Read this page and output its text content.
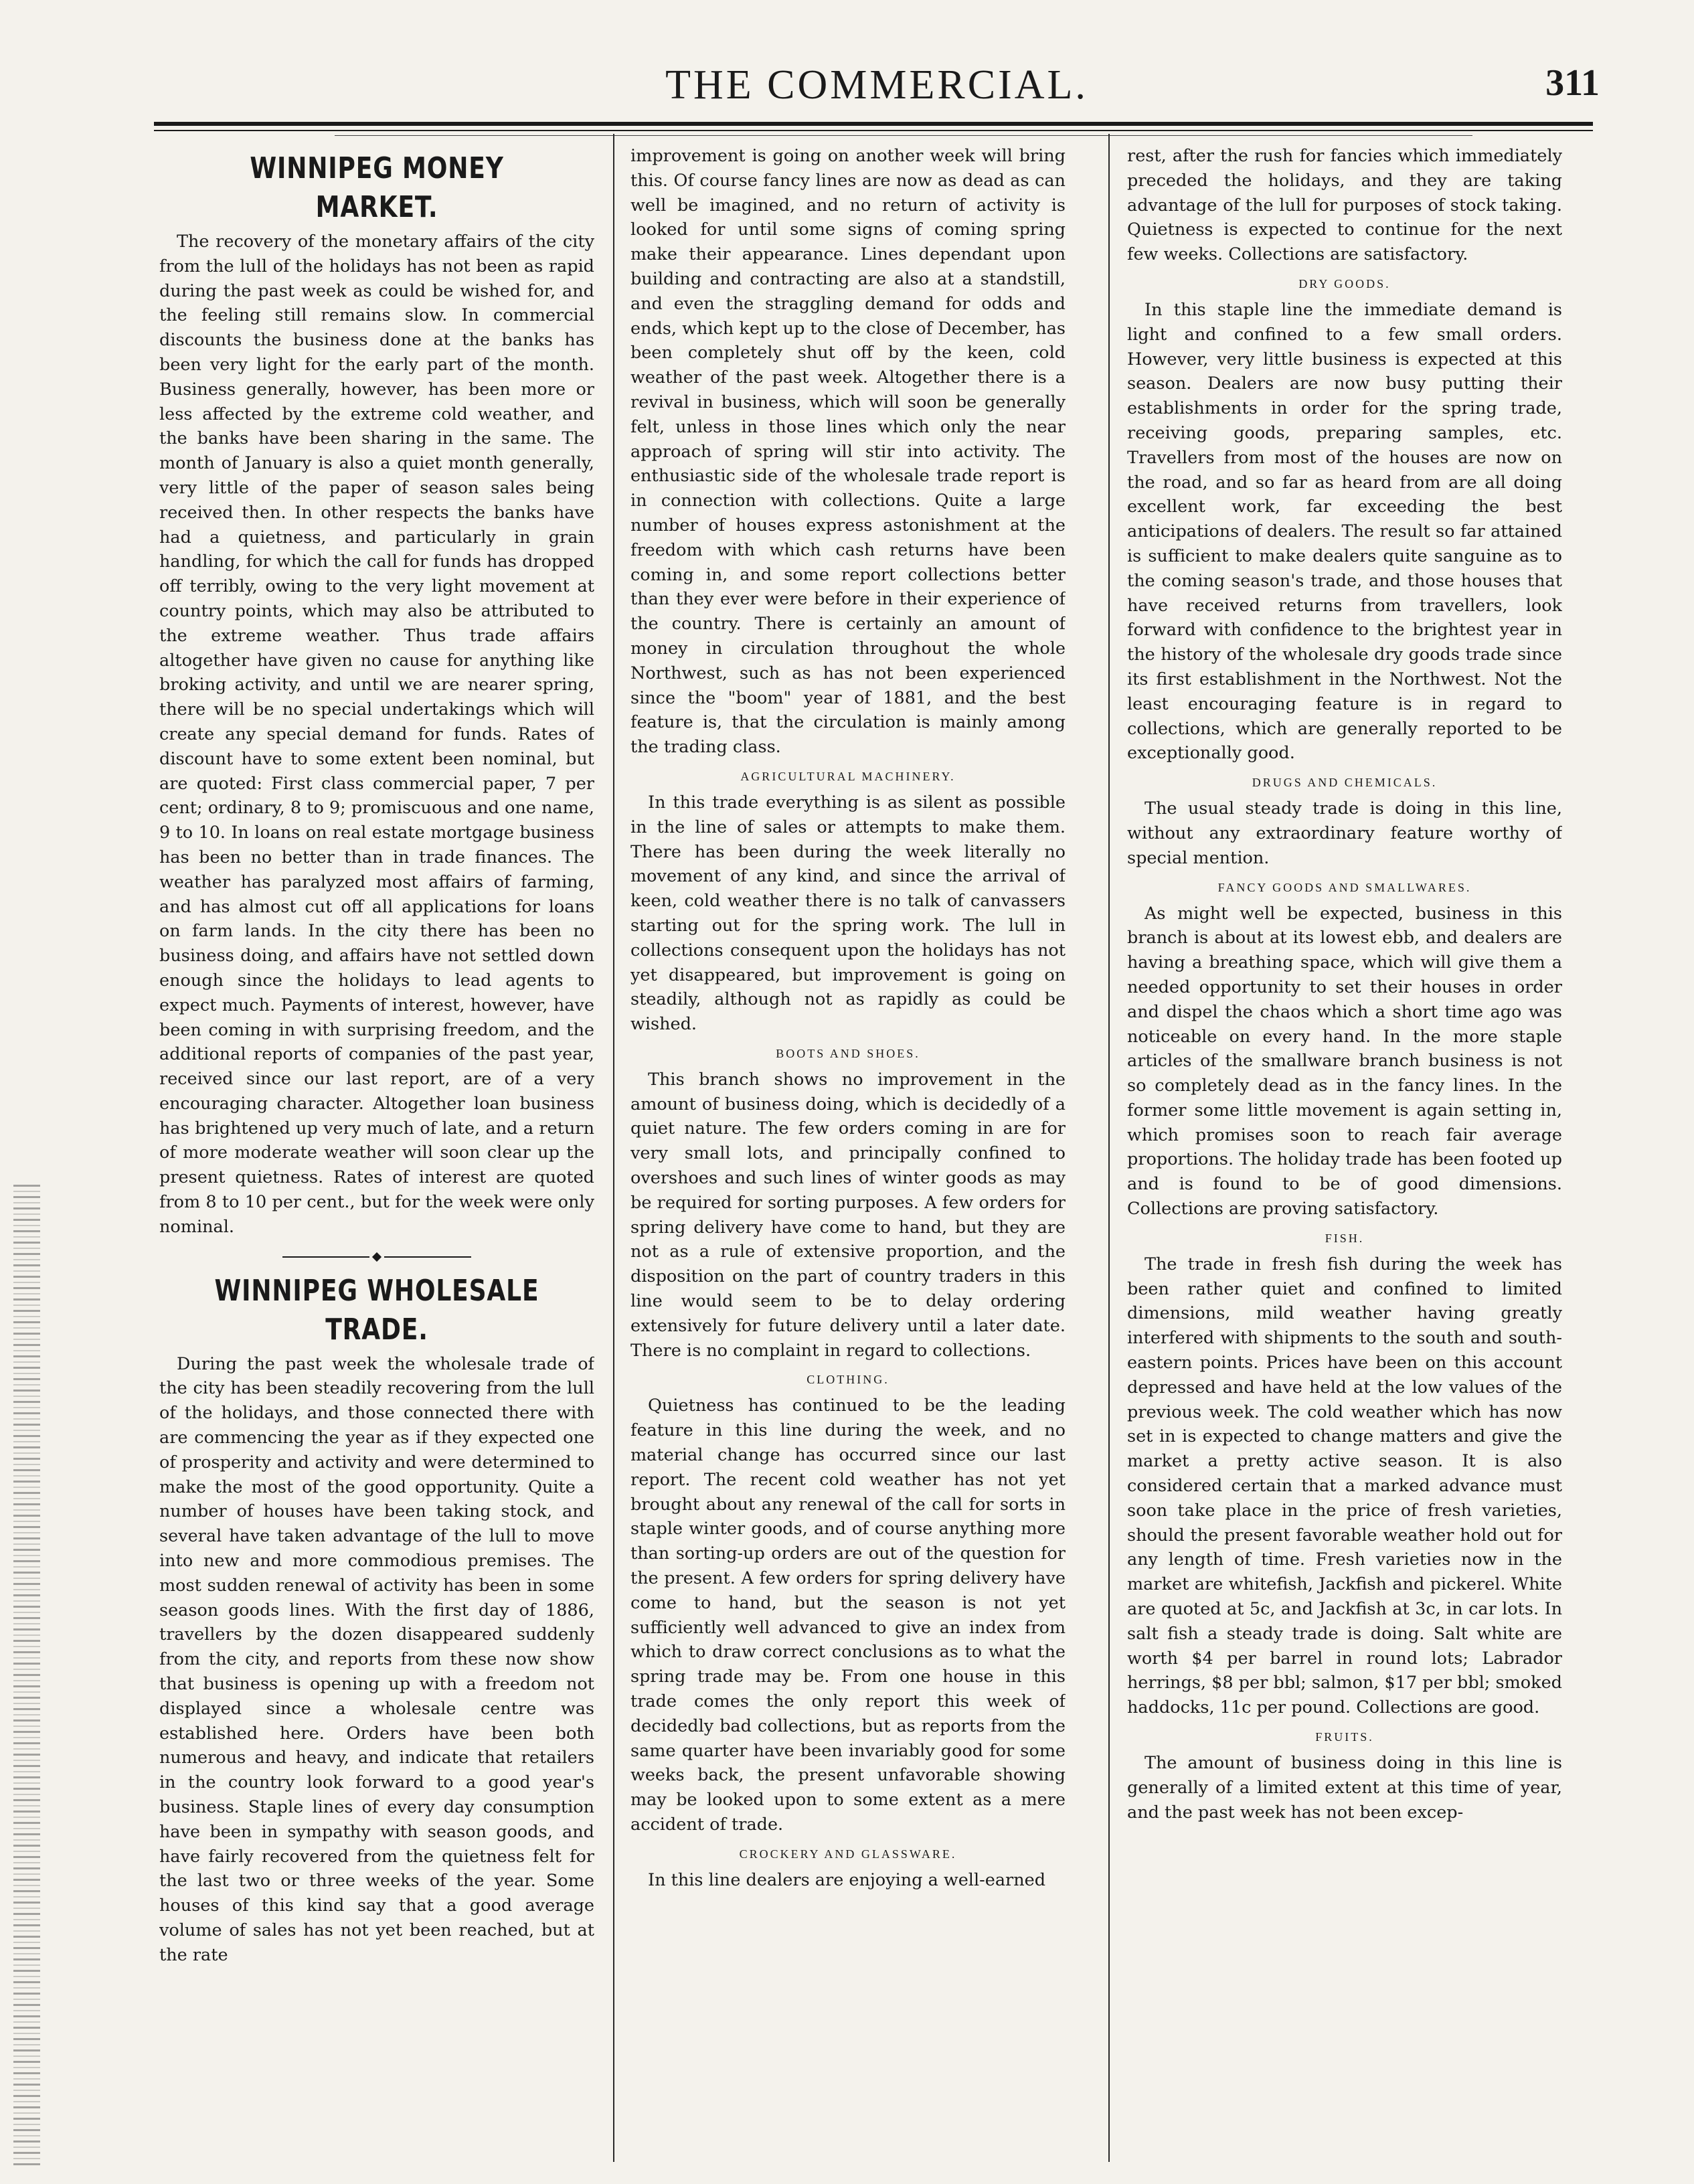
THE COMMERCIAL.	311
WINNIPEG MONEY MARKET.

The recovery of the monetary affairs of the city from the lull of the holidays has not been as rapid during the past week as could be wished for, and the feeling still remains slow. In commercial discounts the business done at the banks has been very light for the early part of the month. Business generally, however, has been more or less affected by the extreme cold weather, and the banks have been sharing in the same. The month of January is also a quiet month generally, very little of the paper of season sales being received then. In other respects the banks have had a quietness, and particularly in grain handling, for which the call for funds has dropped off terribly, owing to the very light movement at country points, which may also be attributed to the extreme weather. Thus trade affairs altogether have given no cause for anything like broking activity, and until we are nearer spring, there will be no special undertakings which will create any special demand for funds. Rates of discount have to some extent been nominal, but are quoted: First class commercial paper, 7 per cent; ordinary, 8 to 9; promiscuous and one name, 9 to 10. In loans on real estate mortgage business has been no better than in trade finances. The weather has paralyzed most affairs of farming, and has almost cut off all applications for loans on farm lands. In the city there has been no business doing, and affairs have not settled down enough since the holidays to lead agents to expect much. Payments of interest, however, have been coming in with surprising freedom, and the additional reports of companies of the past year, received since our last report, are of a very encouraging character. Altogether loan business has brightened up very much of late, and a return of more moderate weather will soon clear up the present quietness. Rates of interest are quoted from 8 to 10 per cent., but for the week were only nominal.

WINNIPEG WHOLESALE TRADE.

During the past week the wholesale trade of the city has been steadily recovering from the lull of the holidays, and those connected there with are commencing the year as if they expected one of prosperity and activity and were determined to make the most of the good opportunity. Quite a number of houses have been taking stock, and several have taken advantage of the lull to move into new and more commodious premises. The most sudden renewal of activity has been in some season goods lines. With the first day of 1886, travellers by the dozen disappeared suddenly from the city, and reports from these now show that business is opening up with a freedom not displayed since a wholesale centre was established here. Orders have been both numerous and heavy, and indicate that retailers in the country look forward to a good year's business. Staple lines of every day consumption have been in sympathy with season goods, and have fairly recovered from the quietness felt for the last two or three weeks of the year. Some houses of this kind say that a good average volume of sales has not yet been reached, but at the rate

improvement is going on another week will bring this. Of course fancy lines are now as dead as can well be imagined, and no return of activity is looked for until some signs of coming spring make their appearance. Lines dependant upon building and contracting are also at a standstill, and even the straggling demand for odds and ends, which kept up to the close of December, has been completely shut off by the keen, cold weather of the past week. Altogether there is a revival in business, which will soon be generally felt, unless in those lines which only the near approach of spring will stir into activity. The enthusiastic side of the wholesale trade report is in connection with collections. Quite a large number of houses express astonishment at the freedom with which cash returns have been coming in, and some report collections better than they ever were before in their experience of the country. There is certainly an amount of money in circulation throughout the whole Northwest, such as has not been experienced since the "boom" year of 1881, and the best feature is, that the circulation is mainly among the trading class.

AGRICULTURAL MACHINERY.

In this trade everything is as silent as possible in the line of sales or attempts to make them. There has been during the week literally no movement of any kind, and since the arrival of keen, cold weather there is no talk of canvassers starting out for the spring work. The lull in collections consequent upon the holidays has not yet disappeared, but improvement is going on steadily, although not as rapidly as could be wished.

BOOTS AND SHOES.

This branch shows no improvement in the amount of business doing, which is decidedly of a quiet nature. The few orders coming in are for very small lots, and principally confined to overshoes and such lines of winter goods as may be required for sorting purposes. A few orders for spring delivery have come to hand, but they are not as a rule of extensive proportion, and the disposition on the part of country traders in this line would seem to be to delay ordering extensively for future delivery until a later date. There is no complaint in regard to collections.

CLOTHING.

Quietness has continued to be the leading feature in this line during the week, and no material change has occurred since our last report. The recent cold weather has not yet brought about any renewal of the call for sorts in staple winter goods, and of course anything more than sorting-up orders are out of the question for the present. A few orders for spring delivery have come to hand, but the season is not yet sufficiently well advanced to give an index from which to draw correct conclusions as to what the spring trade may be. From one house in this trade comes the only report this week of decidedly bad collections, but as reports from the same quarter have been invariably good for some weeks back, the present unfavorable showing may be looked upon to some extent as a mere accident of trade.

CROCKERY AND GLASSWARE.

In this line dealers are enjoying a well-earned

rest, after the rush for fancies which immediately preceded the holidays, and they are taking advantage of the lull for purposes of stock taking. Quietness is expected to continue for the next few weeks. Collections are satisfactory.

DRY GOODS.

In this staple line the immediate demand is light and confined to a few small orders. However, very little business is expected at this season. Dealers are now busy putting their establishments in order for the spring trade, receiving goods, preparing samples, etc. Travellers from most of the houses are now on the road, and so far as heard from are all doing excellent work, far exceeding the best anticipations of dealers. The result so far attained is sufficient to make dealers quite sanguine as to the coming season's trade, and those houses that have received returns from travellers, look forward with confidence to the brightest year in the history of the wholesale dry goods trade since its first establishment in the Northwest. Not the least encouraging feature is in regard to collections, which are generally reported to be exceptionally good.

DRUGS AND CHEMICALS.

The usual steady trade is doing in this line, without any extraordinary feature worthy of special mention.

FANCY GOODS AND SMALLWARES.

As might well be expected, business in this branch is about at its lowest ebb, and dealers are having a breathing space, which will give them a needed opportunity to set their houses in order and dispel the chaos which a short time ago was noticeable on every hand. In the more staple articles of the smallware branch business is not so completely dead as in the fancy lines. In the former some little movement is again setting in, which promises soon to reach fair average proportions. The holiday trade has been footed up and is found to be of good dimensions. Collections are proving satisfactory.

FISH.

The trade in fresh fish during the week has been rather quiet and confined to limited dimensions, mild weather having greatly interfered with shipments to the south and south-eastern points. Prices have been on this account depressed and have held at the low values of the previous week. The cold weather which has now set in is expected to change matters and give the market a pretty active season. It is also considered certain that a marked advance must soon take place in the price of fresh varieties, should the present favorable weather hold out for any length of time. Fresh varieties now in the market are whitefish, Jackfish and pickerel. White are quoted at 5c, and Jackfish at 3c, in car lots. In salt fish a steady trade is doing. Salt white are worth $4 per barrel in round lots; Labrador herrings, $8 per bbl; salmon, $17 per bbl; smoked haddocks, 11c per pound. Collections are good.

FRUITS.

The amount of business doing in this line is generally of a limited extent at this time of year, and the past week has not been excep-
